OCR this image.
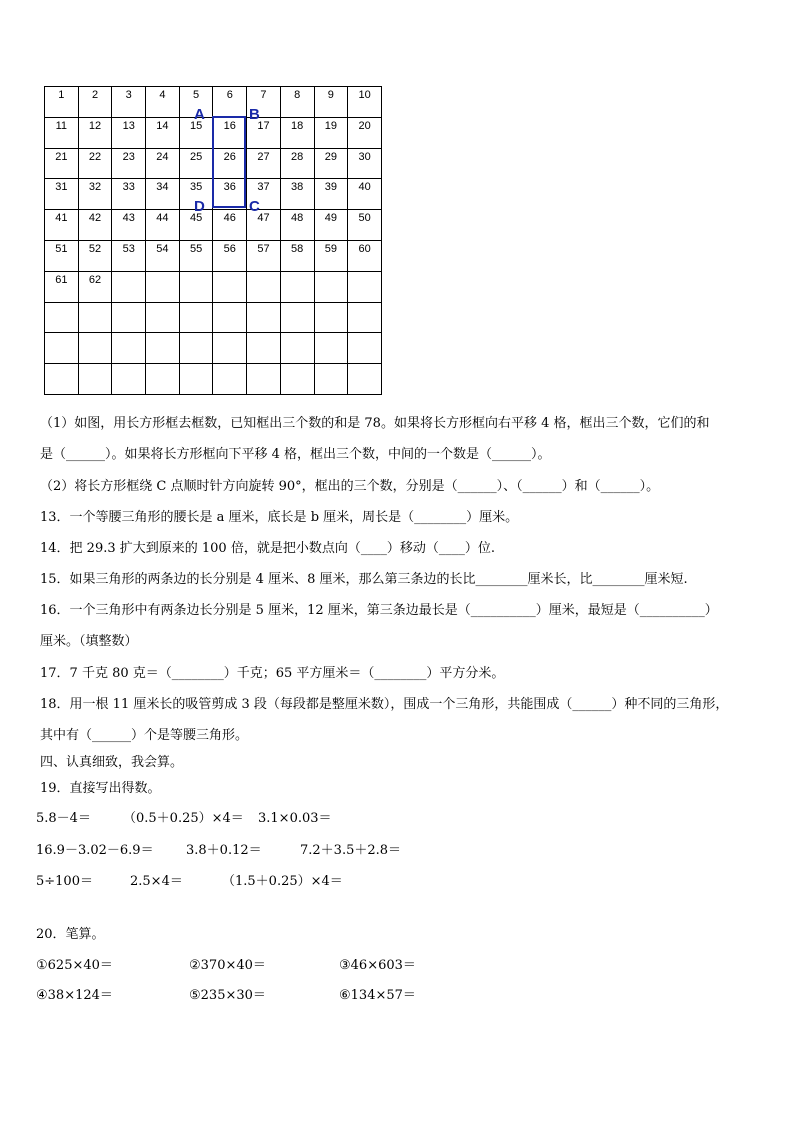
1	2	3	4	5	6	7	8	9	10
11	12	13	14	15	16	17	18	19	20
21	22	23	24	25	26	27	28	29	30
31	32	33	34	35	36	37	38	39	40
41	42	43	44	45	46	47	48	49	50
51	52	53	54	55	56	57	58	59	60
61	62								

A	B
C
D
（1）如图，用长方形框去框数，已知框出三个数的和是 78。如果将长方形框向右平移 4 格，框出三个数，它们的和
是（______）。如果将长方形框向下平移 4 格，框出三个数，中间的一个数是（______）。
（2）将长方形框绕 C 点顺时针方向旋转 90°，框出的三个数，分别是（______）、（______）和（______）。
13．一个等腰三角形的腰长是 a 厘米，底长是 b 厘米，周长是（________）厘米。
14．把 29.3 扩大到原来的 100 倍，就是把小数点向（____）移动（____）位.
15．如果三角形的两条边的长分别是 4 厘米、8 厘米，那么第三条边的长比________厘米长，比________厘米短.
16．一个三角形中有两条边长分别是 5 厘米，12 厘米，第三条边最长是（__________）厘米，最短是（__________）
厘米。（填整数）
17．7 千克 80 克＝（________）千克；65 平方厘米＝（________）平方分米。
18．用一根 11 厘米长的吸管剪成 3 段（每段都是整厘米数），围成一个三角形，共能围成（______）种不同的三角形，
其中有（______）个是等腰三角形。
四、认真细致，我会算。
19．直接写出得数。
5.8－4＝ （0.5＋0.25）×4＝ 3.1×0.03＝
16.9－3.02－6.9＝ 3.8＋0.12＝	7.2＋3.5＋2.8＝
5÷100＝	2.5×4＝	（1.5＋0.25）×4＝
20．笔算。
①625×40＝	②370×40＝	③46×603＝
④38×124＝	⑤235×30＝	⑥134×57＝
